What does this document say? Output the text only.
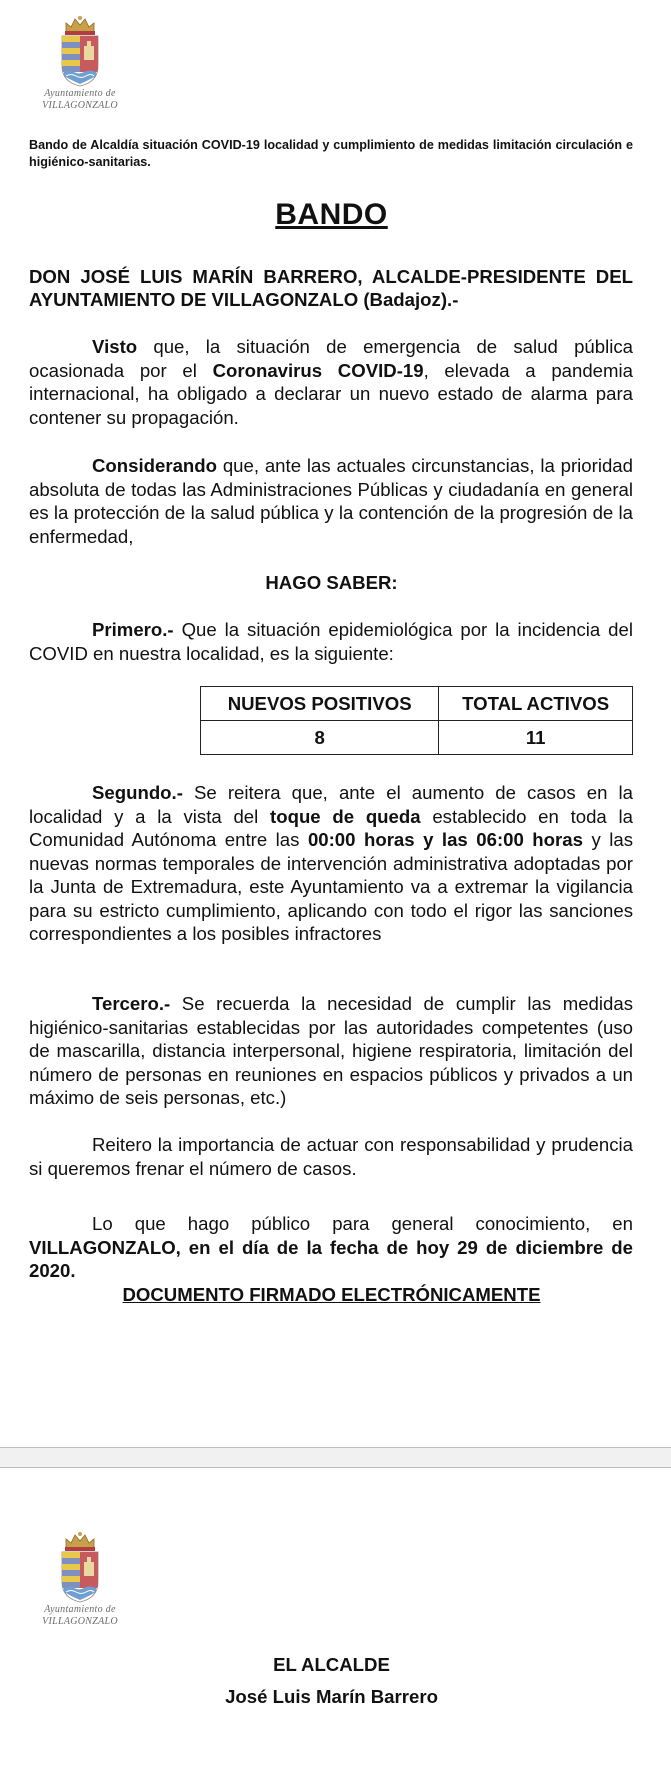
Ayuntamiento de
VILLAGONZALO
Bando de Alcaldía situación COVID-19 localidad y cumplimiento de medidas limitación circulación e higiénico-sanitarias.
BANDO
DON JOSÉ LUIS MARÍN BARRERO, ALCALDE-PRESIDENTE DEL AYUNTAMIENTO DE VILLAGONZALO (Badajoz).-
Visto que, la situación de emergencia de salud pública ocasionada por el Coronavirus COVID-19, elevada a pandemia internacional, ha obligado a declarar un nuevo estado de alarma para contener su propagación.
Considerando que, ante las actuales circunstancias, la prioridad absoluta de todas las Administraciones Públicas y ciudadanía en general es la protección de la salud pública y la contención de la progresión de la enfermedad,
HAGO SABER:
Primero.- Que la situación epidemiológica por la incidencia del COVID en nuestra localidad, es la siguiente:
NUEVOS POSITIVOS	TOTAL ACTIVOS
8	11
Segundo.- Se reitera que, ante el aumento de casos en la localidad y a la vista del toque de queda establecido en toda la Comunidad Autónoma entre las 00:00 horas y las 06:00 horas y las nuevas normas temporales de intervención administrativa adoptadas por la Junta de Extremadura, este Ayuntamiento va a extremar la vigilancia para su estricto cumplimiento, aplicando con todo el rigor las sanciones correspondientes a los posibles infractores
Tercero.- Se recuerda la necesidad de cumplir las medidas higiénico-sanitarias establecidas por las autoridades competentes (uso de mascarilla, distancia interpersonal, higiene respiratoria, limitación del número de personas en reuniones en espacios públicos y privados a un máximo de seis personas, etc.)
Reitero la importancia de actuar con responsabilidad y prudencia si queremos frenar el número de casos.
Lo que hago público para general conocimiento, en VILLAGONZALO, en el día de la fecha de hoy 29 de diciembre de 2020.
DOCUMENTO FIRMADO ELECTRÓNICAMENTE
Ayuntamiento de
VILLAGONZALO
EL ALCALDE
José Luis Marín Barrero
